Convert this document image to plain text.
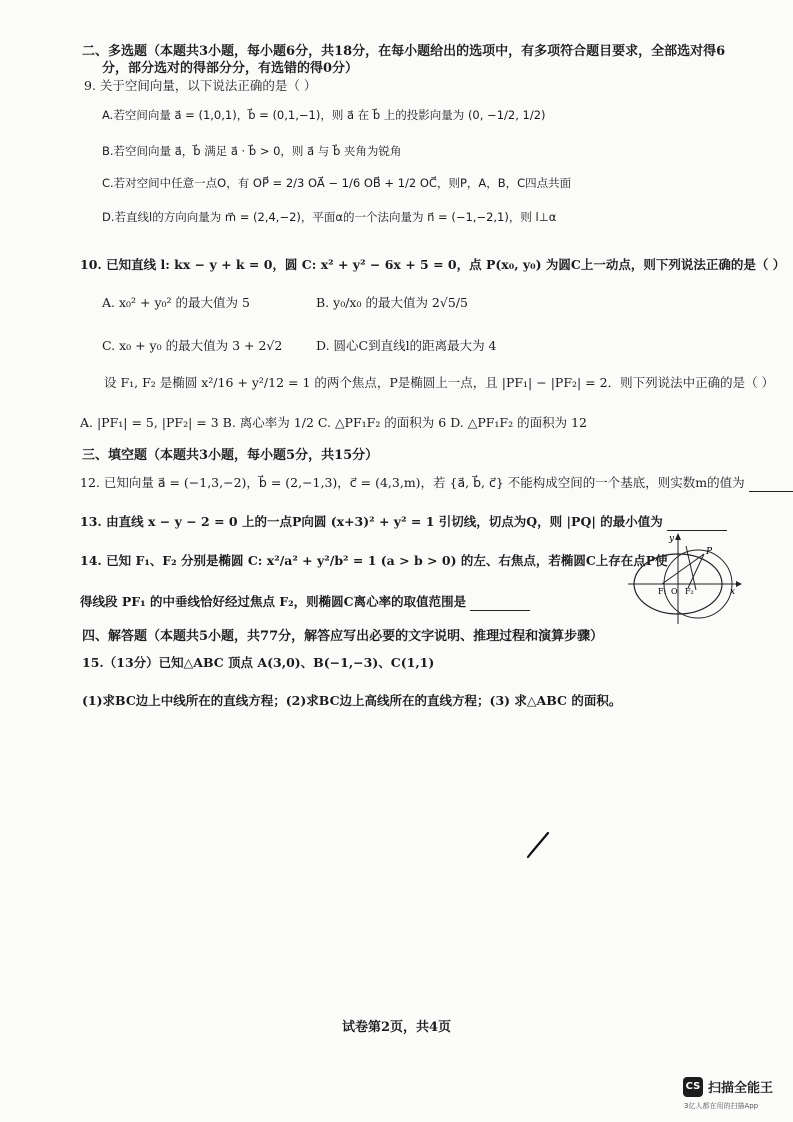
二、多选题（本题共3小题，每小题6分，共18分，在每小题给出的选项中，有多项符合题目要求，全部选对得6
分，部分选对的得部分分，有选错的得0分）
9. 关于空间向量，以下说法正确的是（ ）
A.若空间向量 a⃗ = (1,0,1)，b⃗ = (0,1,−1)，则 a⃗ 在 b⃗ 上的投影向量为 (0, −1/2, 1/2)
B.若空间向量 a⃗，b⃗ 满足 a⃗ · b⃗ > 0，则 a⃗ 与 b⃗ 夹角为锐角
C.若对空间中任意一点O，有 OP⃗ = 2/3 OA⃗ − 1/6 OB⃗ + 1/2 OC⃗，则P，A，B，C四点共面
D.若直线l的方向向量为 m⃗ = (2,4,−2)，平面α的一个法向量为 n⃗ = (−1,−2,1)，则 l⊥α
10. 已知直线 l: kx − y + k = 0，圆 C: x² + y² − 6x + 5 = 0，点 P(x₀, y₀) 为圆C上一动点，则下列说法正确的是（ ）
A. x₀² + y₀² 的最大值为 5	B. y₀/x₀ 的最大值为 2√5/5
C. x₀ + y₀ 的最大值为 3 + 2√2	D. 圆心C到直线l的距离最大为 4
设 F₁, F₂ 是椭圆 x²/16 + y²/12 = 1 的两个焦点，P是椭圆上一点，且 |PF₁| − |PF₂| = 2．则下列说法中正确的是（ ）
A. |PF₁| = 5, |PF₂| = 3 B. 离心率为 1/2 C. △PF₁F₂ 的面积为 6 D. △PF₁F₂ 的面积为 12
三、填空题（本题共3小题，每小题5分，共15分）
12. 已知向量 a⃗ = (−1,3,−2)，b⃗ = (2,−1,3)，c⃗ = (4,3,m)，若 {a⃗, b⃗, c⃗} 不能构成空间的一个基底，则实数m的值为
13. 由直线 x − y − 2 = 0 上的一点P向圆 (x+3)² + y² = 1 引切线，切点为Q，则 |PQ| 的最小值为
14. 已知 F₁、F₂ 分别是椭圆 C: x²/a² + y²/b² = 1 (a > b > 0) 的左、右焦点，若椭圆C上存在点P使
得线段 PF₁ 的中垂线恰好经过焦点 F₂，则椭圆C离心率的取值范围是
y
P
F₁ O F₂	x
四、解答题（本题共5小题，共77分，解答应写出必要的文字说明、推理过程和演算步骤）
15.（13分）已知△ABC 顶点 A(3,0)、B(−1,−3)、C(1,1)
(1)求BC边上中线所在的直线方程；(2)求BC边上高线所在的直线方程；(3) 求△ABC 的面积。
试卷第2页，共4页
CS 扫描全能王
3亿人都在用的扫描App
